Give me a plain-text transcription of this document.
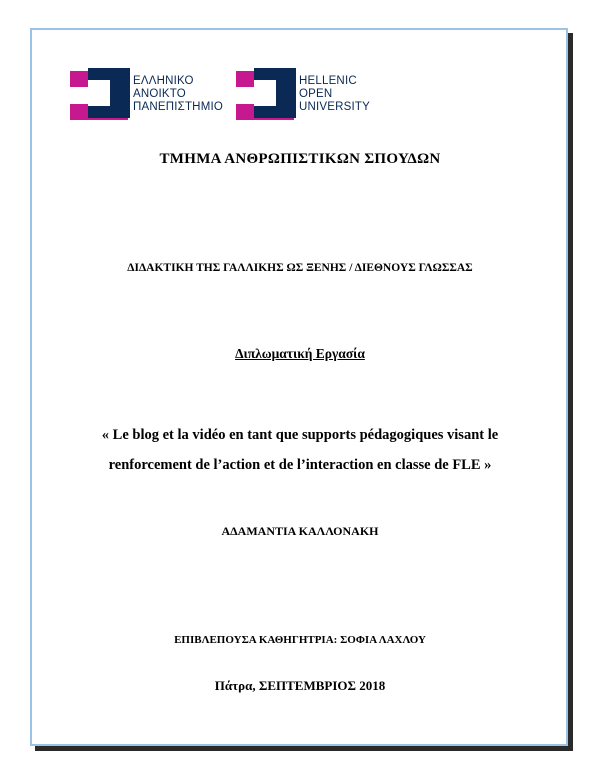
ΕΛΛΗΝΙΚΟ
ΑΝΟΙΚΤΟ
ΠΑΝΕΠΙΣΤΗΜΙΟ
HELLENIC
OPEN
UNIVERSITY
ΤΜΗΜΑ ΑΝΘΡΩΠΙΣΤΙΚΩΝ ΣΠΟΥΔΩΝ
ΔΙΔΑΚΤΙΚΗ ΤΗΣ ΓΑΛΛΙΚΗΣ ΩΣ ΞΕΝΗΣ / ΔΙΕΘΝΟΥΣ ΓΛΩΣΣΑΣ
Διπλωματική Εργασία
« Le blog et la vidéo en tant que supports pédagogiques visant le renforcement de l’action et de l’interaction en classe de FLE »
ΑΔΑΜΑΝΤΙΑ ΚΑΛΛΟΝΑΚΗ
ΕΠΙΒΛΕΠΟΥΣΑ ΚΑΘΗΓΗΤΡΙΑ: ΣΟΦΙΑ ΛΑΧΛΟΥ
Πάτρα, ΣΕΠΤΕΜΒΡΙΟΣ 2018
